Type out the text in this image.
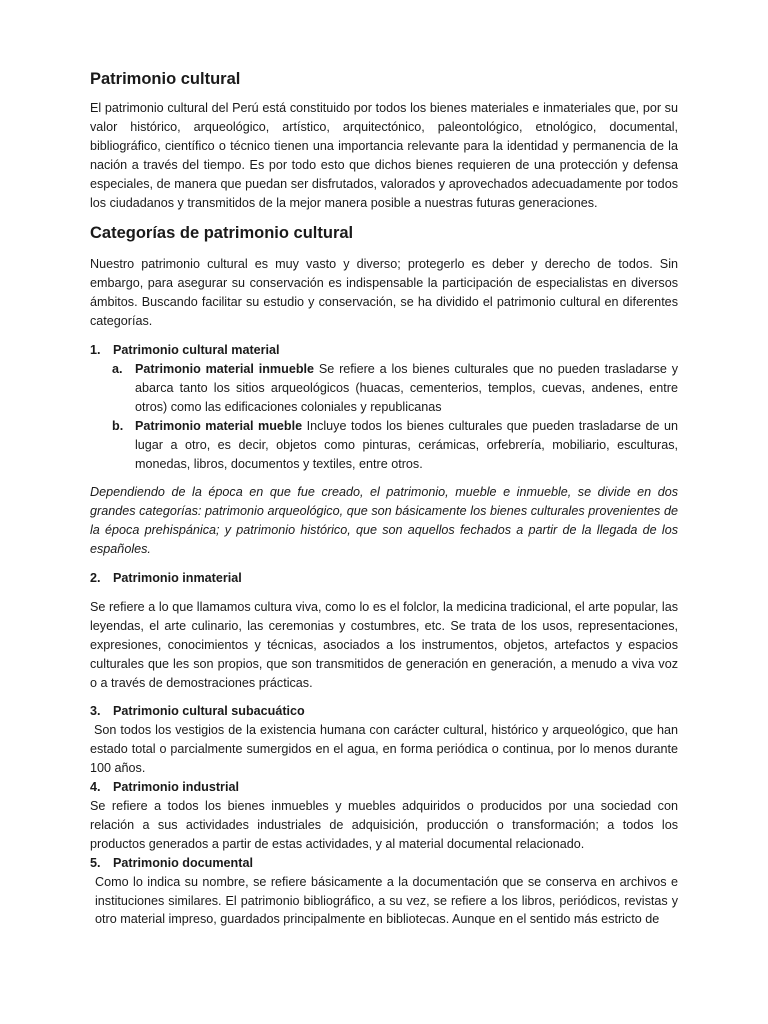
Patrimonio cultural

El patrimonio cultural del Perú está constituido por todos los bienes materiales e inmateriales que, por su valor histórico, arqueológico, artístico, arquitectónico, paleontológico, etnológico, documental, bibliográfico, científico o técnico tienen una importancia relevante para la identidad y permanencia de la nación a través del tiempo. Es por todo esto que dichos bienes requieren de una protección y defensa especiales, de manera que puedan ser disfrutados, valorados y aprovechados adecuadamente por todos los ciudadanos y transmitidos de la mejor manera posible a nuestras futuras generaciones.

Categorías de patrimonio cultural

Nuestro patrimonio cultural es muy vasto y diverso; protegerlo es deber y derecho de todos. Sin embargo, para asegurar su conservación es indispensable la participación de especialistas en diversos ámbitos. Buscando facilitar su estudio y conservación, se ha dividido el patrimonio cultural en diferentes categorías.

1. Patrimonio cultural material
a. Patrimonio material inmueble Se refiere a los bienes culturales que no pueden trasladarse y abarca tanto los sitios arqueológicos (huacas, cementerios, templos, cuevas, andenes, entre otros) como las edificaciones coloniales y republicanas
b. Patrimonio material mueble Incluye todos los bienes culturales que pueden trasladarse de un lugar a otro, es decir, objetos como pinturas, cerámicas, orfebrería, mobiliario, esculturas, monedas, libros, documentos y textiles, entre otros.

Dependiendo de la época en que fue creado, el patrimonio, mueble e inmueble, se divide en dos grandes categorías: patrimonio arqueológico, que son básicamente los bienes culturales provenientes de la época prehispánica; y patrimonio histórico, que son aquellos fechados a partir de la llegada de los españoles.

2. Patrimonio inmaterial

Se refiere a lo que llamamos cultura viva, como lo es el folclor, la medicina tradicional, el arte popular, las leyendas, el arte culinario, las ceremonias y costumbres, etc. Se trata de los usos, representaciones, expresiones, conocimientos y técnicas, asociados a los instrumentos, objetos, artefactos y espacios culturales que les son propios, que son transmitidos de generación en generación, a menudo a viva voz o a través de demostraciones prácticas.

3. Patrimonio cultural subacuático

Son todos los vestigios de la existencia humana con carácter cultural, histórico y arqueológico, que han estado total o parcialmente sumergidos en el agua, en forma periódica o continua, por lo menos durante 100 años.

4. Patrimonio industrial

Se refiere a todos los bienes inmuebles y muebles adquiridos o producidos por una sociedad con relación a sus actividades industriales de adquisición, producción o transformación; a todos los productos generados a partir de estas actividades, y al material documental relacionado.

5. Patrimonio documental

Como lo indica su nombre, se refiere básicamente a la documentación que se conserva en archivos e instituciones similares. El patrimonio bibliográfico, a su vez, se refiere a los libros, periódicos, revistas y otro material impreso, guardados principalmente en bibliotecas. Aunque en el sentido más estricto de
